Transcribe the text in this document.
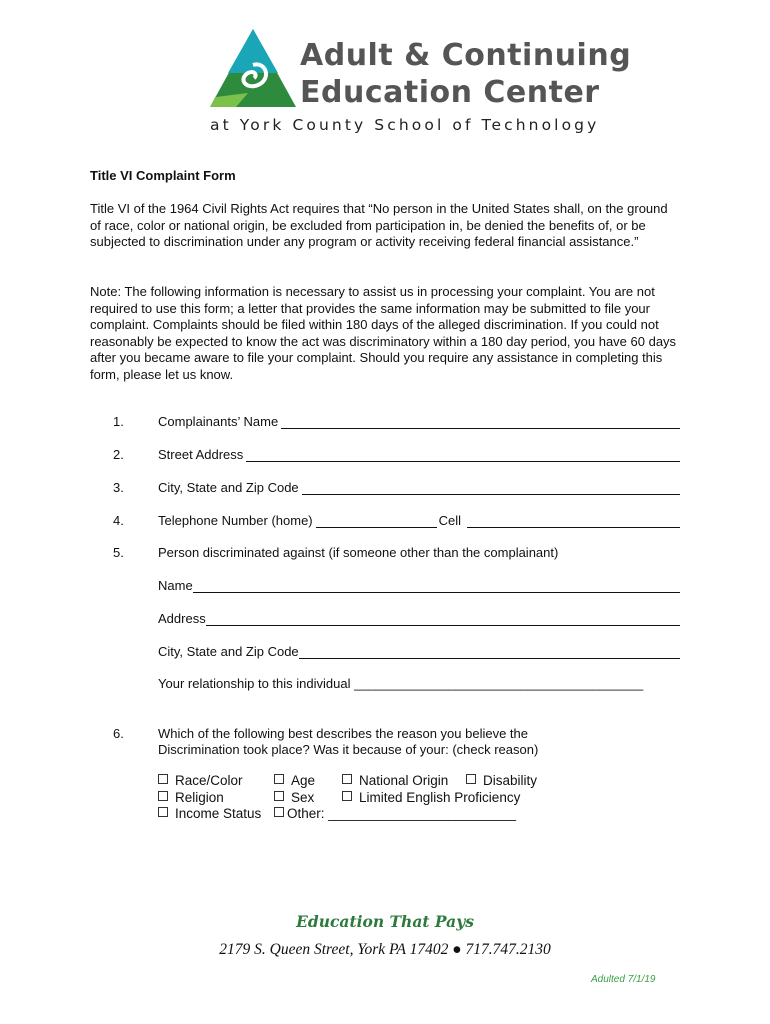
Adult & Continuing
Education Center
at York County School of Technology
Title VI Complaint Form
Title VI of the 1964 Civil Rights Act requires that “No person in the United States shall, on the ground of race, color or national origin, be excluded from participation in, be denied the benefits of, or be subjected to discrimination under any program or activity receiving federal financial assistance.”
Note: The following information is necessary to assist us in processing your complaint. You are not required to use this form; a letter that provides the same information may be submitted to file your complaint. Complaints should be filed within 180 days of the alleged discrimination. If you could not reasonably be expected to know the act was discriminatory within a 180 day period, you have 60 days after you became aware to file your complaint. Should you require any assistance in completing this form, please let us know.
1.	Complainants’ Name
2.	Street Address
3.	City, State and Zip Code
4.	Telephone Number (home)	Cell
5.	Person discriminated against (if someone other than the complainant)
Name
Address
City, State and Zip Code
Your relationship to this individual ________________________________________
6.	Which of the following best describes the reason you believe the
Discrimination took place? Was it because of your: (check reason)
Race/Color	Age	National Origin	Disability
Religion	Sex	Limited English Proficiency
Income Status	Other: _________________________
Education That Pays
2179 S. Queen Street, York PA 17402 ● 717.747.2130
Adulted 7/1/19
